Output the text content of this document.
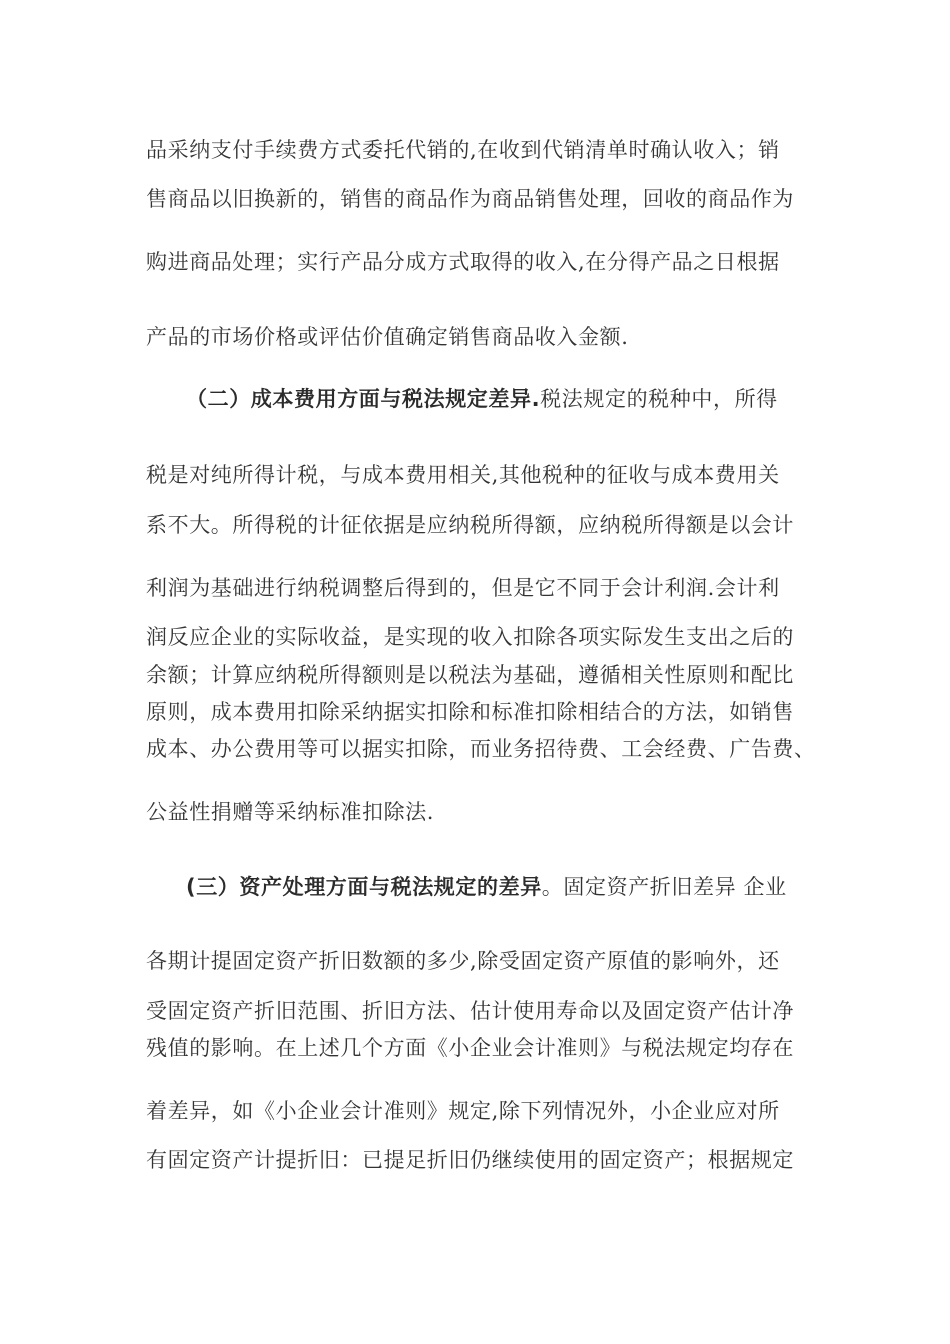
品采纳支付手续费方式委托代销的,在收到代销清单时确认收入；销
售商品以旧换新的，销售的商品作为商品销售处理，回收的商品作为
购进商品处理；实行产品分成方式取得的收入,在分得产品之日根据
产品的市场价格或评估价值确定销售商品收入金额.
（二）成本费用方面与税法规定差异.税法规定的税种中，所得
税是对纯所得计税，与成本费用相关,其他税种的征收与成本费用关
系不大。所得税的计征依据是应纳税所得额，应纳税所得额是以会计
利润为基础进行纳税调整后得到的，但是它不同于会计利润.会计利
润反应企业的实际收益，是实现的收入扣除各项实际发生支出之后的
余额；计算应纳税所得额则是以税法为基础，遵循相关性原则和配比
原则，成本费用扣除采纳据实扣除和标准扣除相结合的方法，如销售
成本、办公费用等可以据实扣除，而业务招待费、工会经费、广告费、
公益性捐赠等采纳标准扣除法.
(三）资产处理方面与税法规定的差异。固定资产折旧差异 企业
各期计提固定资产折旧数额的多少,除受固定资产原值的影响外，还
受固定资产折旧范围、折旧方法、估计使用寿命以及固定资产估计净
残值的影响。在上述几个方面《小企业会计准则》与税法规定均存在
着差异，如《小企业会计准则》规定,除下列情况外，小企业应对所
有固定资产计提折旧：已提足折旧仍继续使用的固定资产；根据规定
